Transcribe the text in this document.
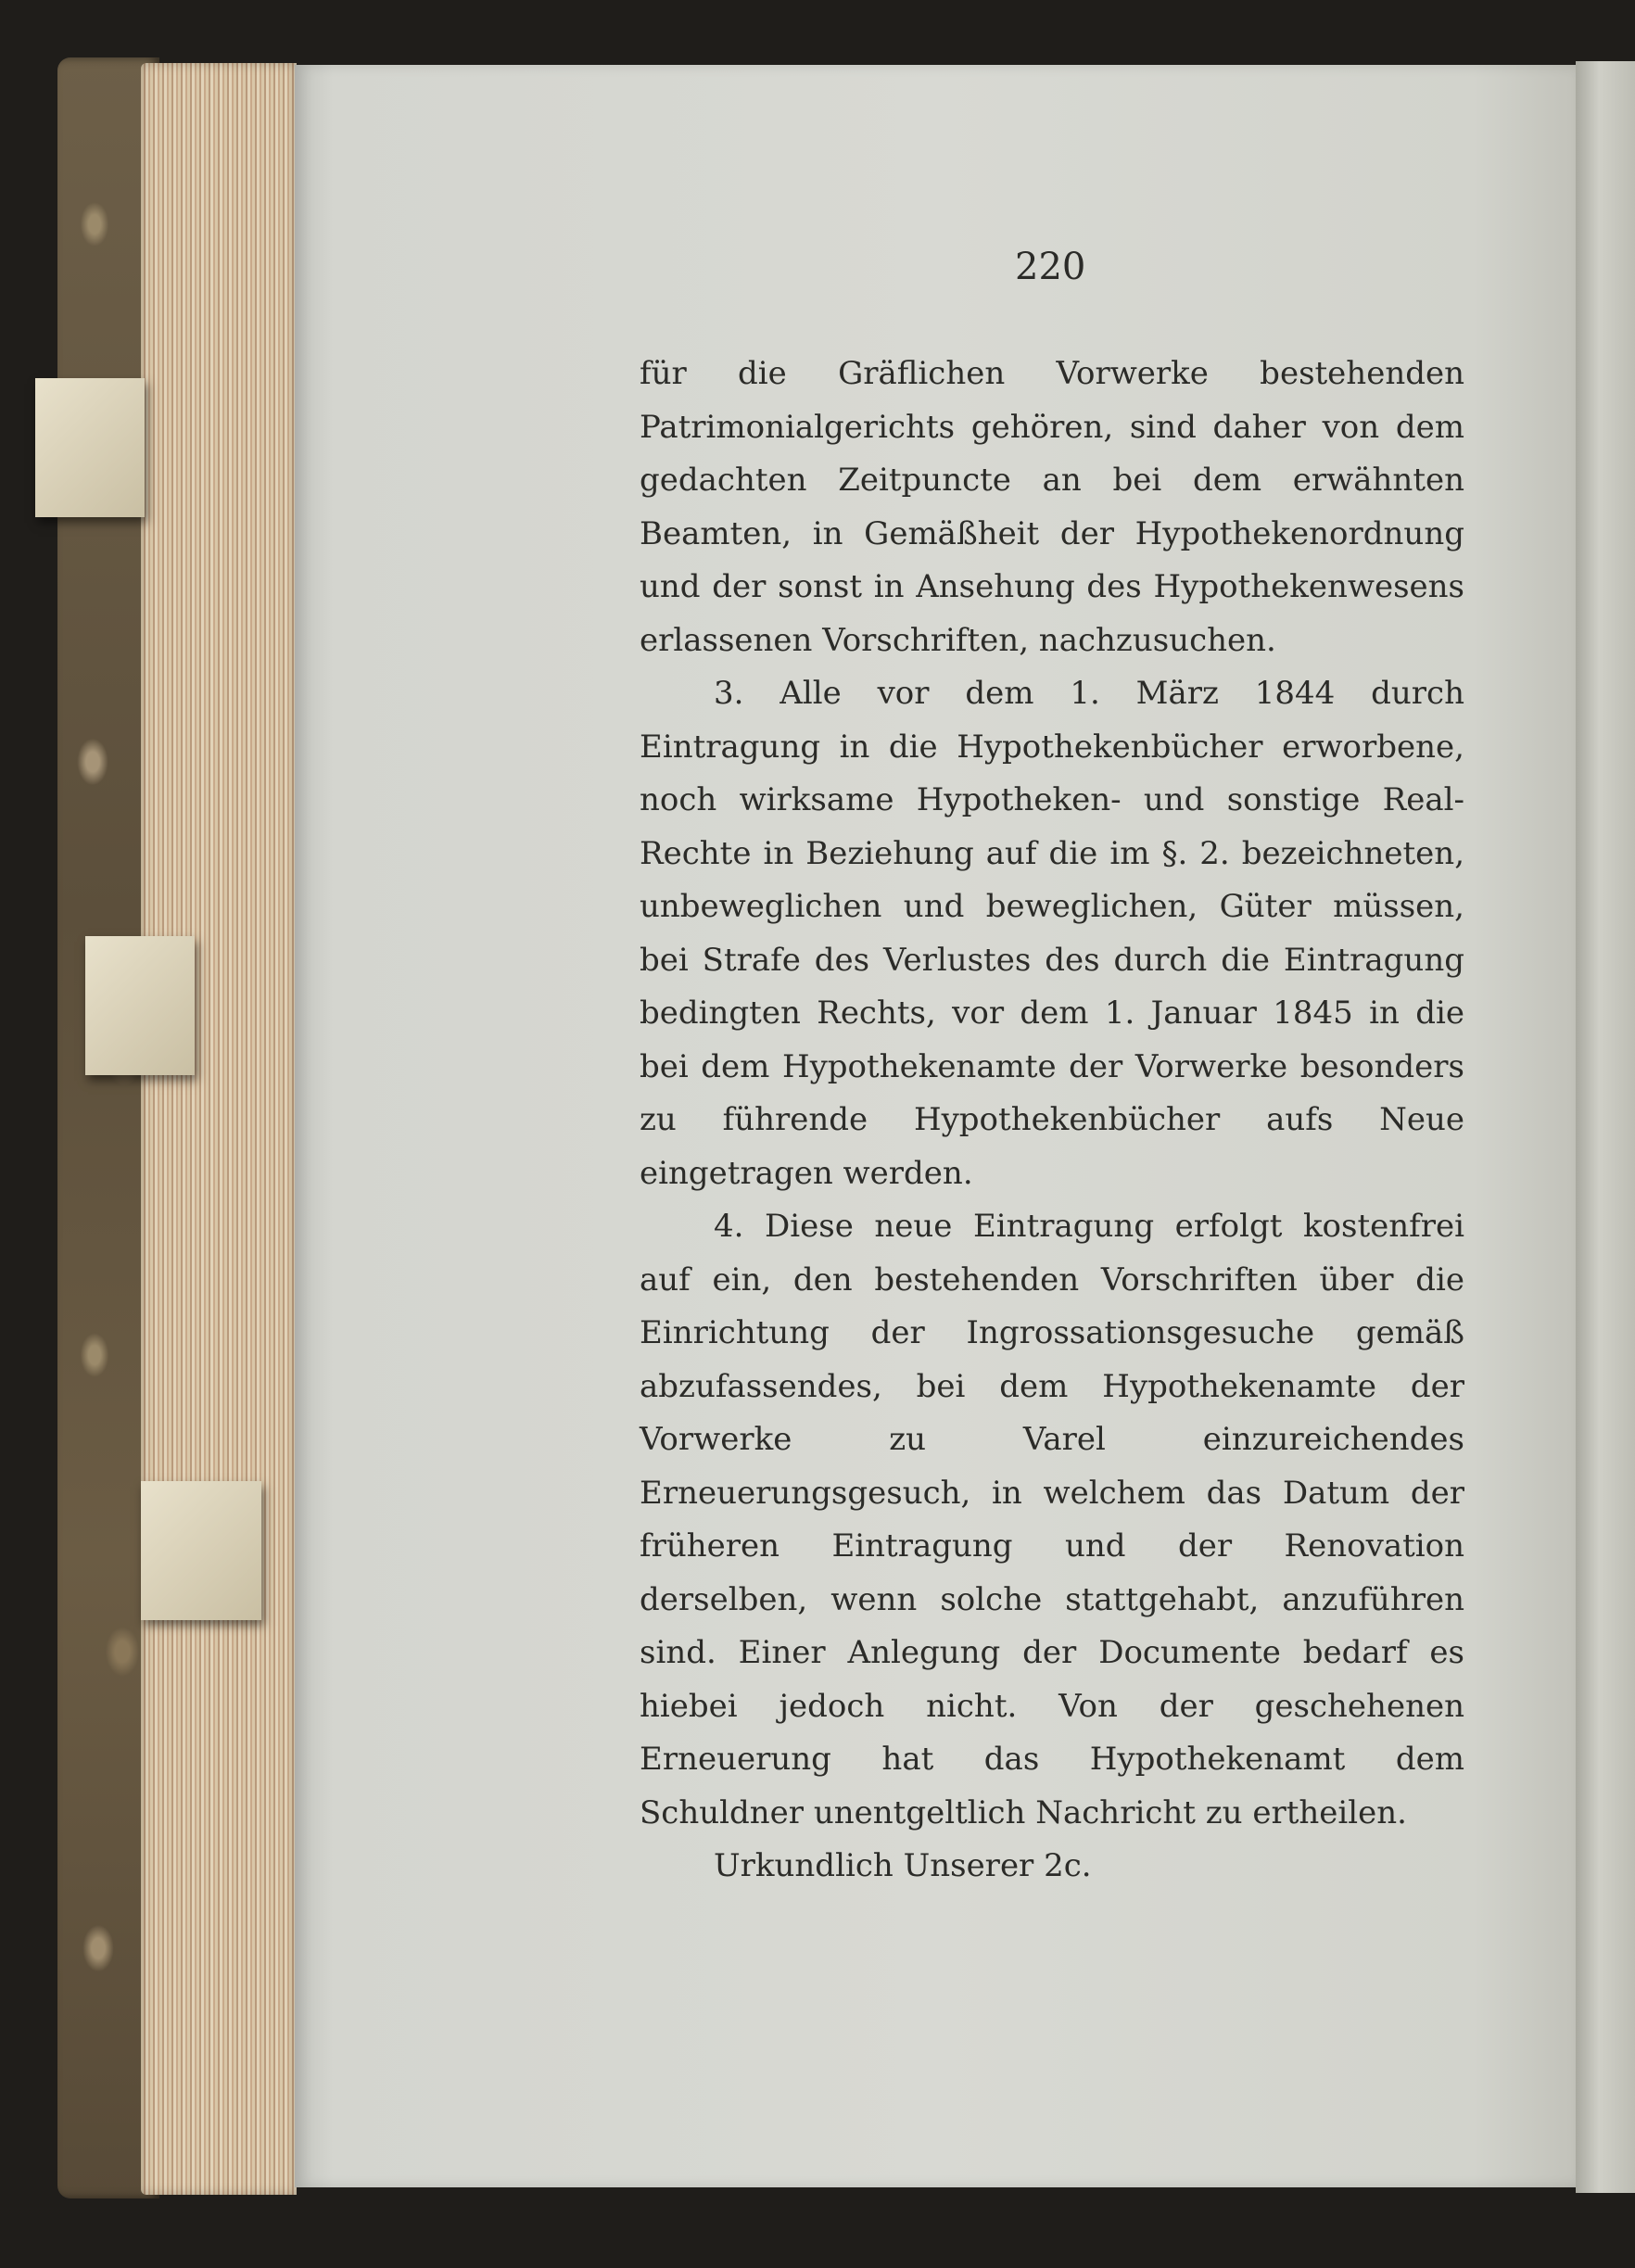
220

für die Gräflichen Vorwerke bestehenden Patrimonialgerichts gehören, sind daher von dem gedachten Zeitpuncte an bei dem erwähnten Beamten, in Gemäßheit der Hypothekenordnung und der sonst in Ansehung des Hypothekenwesens erlassenen Vorschriften, nachzusuchen.

3. Alle vor dem 1. März 1844 durch Eintragung in die Hypothekenbücher erworbene, noch wirksame Hypotheken- und sonstige Real-Rechte in Beziehung auf die im §. 2. bezeichneten, unbeweglichen und beweglichen, Güter müssen, bei Strafe des Verlustes des durch die Eintragung bedingten Rechts, vor dem 1. Januar 1845 in die bei dem Hypothekenamte der Vorwerke besonders zu führende Hypothekenbücher aufs Neue eingetragen werden.

4. Diese neue Eintragung erfolgt kostenfrei auf ein, den bestehenden Vorschriften über die Einrichtung der Ingrossationsgesuche gemäß abzufassendes, bei dem Hypothekenamte der Vorwerke zu Varel einzureichendes Erneuerungsgesuch, in welchem das Datum der früheren Eintragung und der Renovation derselben, wenn solche stattgehabt, anzuführen sind. Einer Anlegung der Documente bedarf es hiebei jedoch nicht. Von der geschehenen Erneuerung hat das Hypothekenamt dem Schuldner unentgeltlich Nachricht zu ertheilen.

Urkundlich Unserer 2c.
